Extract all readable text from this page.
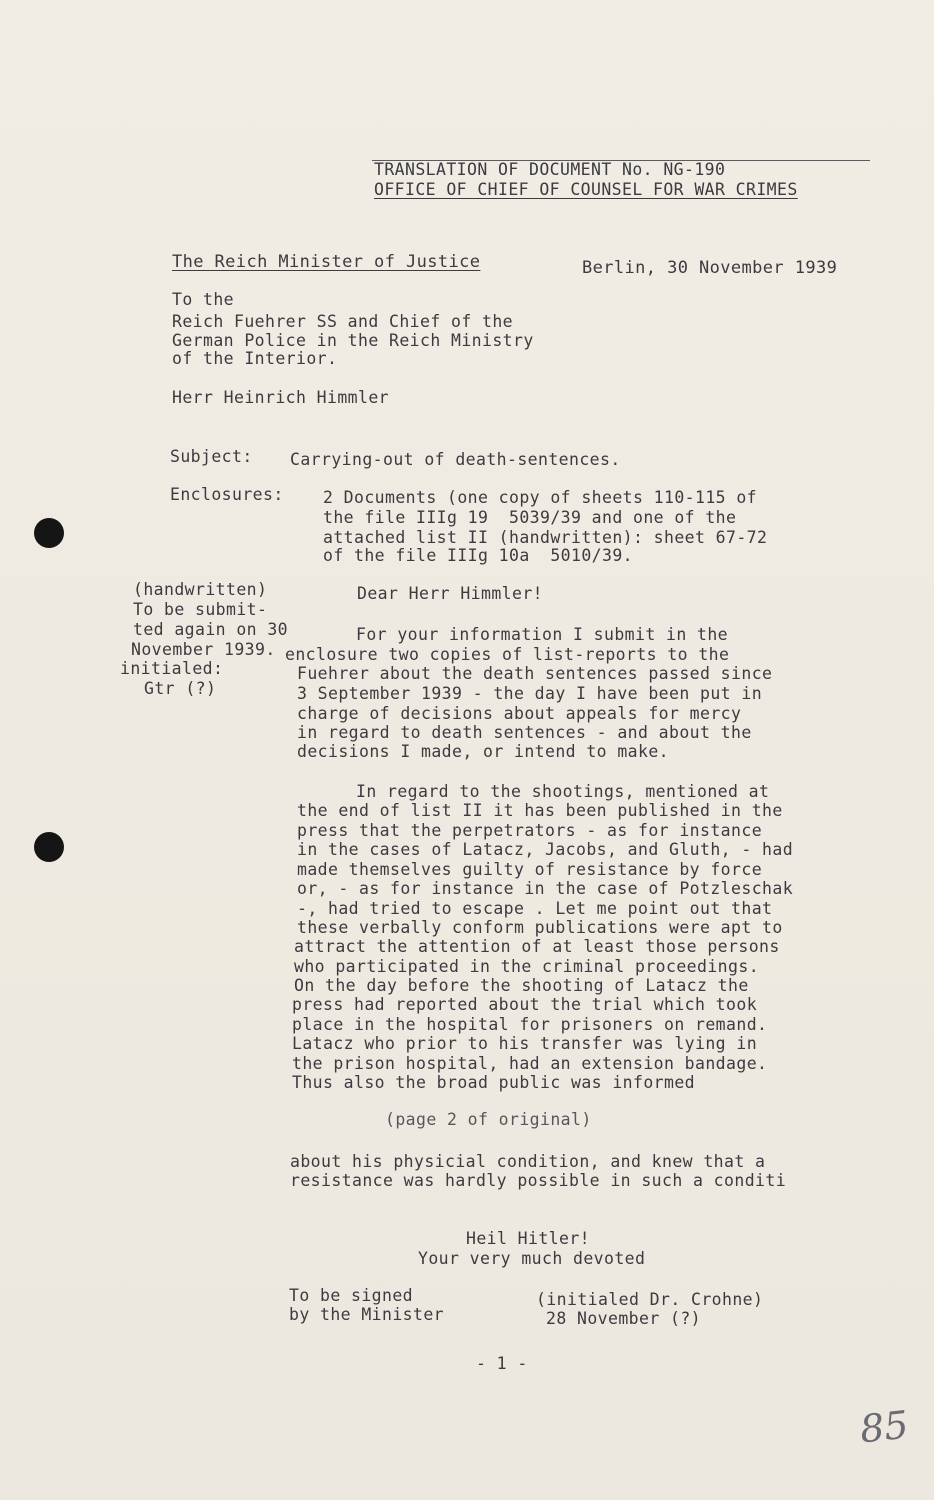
TRANSLATION OF DOCUMENT No. NG-190
OFFICE OF CHIEF OF COUNSEL FOR WAR CRIMES
The Reich Minister of Justice	Berlin, 30 November 1939
To the
Reich Fuehrer SS and Chief of the
German Police in the Reich Ministry
of the Interior.
Herr Heinrich Himmler
Subject: Carrying-out of death-sentences.
Enclosures: 2 Documents (one copy of sheets 110-115 of
the file IIIg 19  5039/39 and one of the
attached list II (handwritten): sheet 67-72
of the file IIIg 10a  5010/39.
(handwritten)
To be submit-
ted again on 30
November 1939.
initialed:
Gtr (?)
Dear Herr Himmler!
For your information I submit in the
enclosure two copies of list-reports to the
Fuehrer about the death sentences passed since
3 September 1939 - the day I have been put in
charge of decisions about appeals for mercy
in regard to death sentences - and about the
decisions I made, or intend to make.
In regard to the shootings, mentioned at
the end of list II it has been published in the
press that the perpetrators - as for instance
in the cases of Latacz, Jacobs, and Gluth, - had
made themselves guilty of resistance by force
or, - as for instance in the case of Potzleschak
-, had tried to escape . Let me point out that
these verbally conform publications were apt to
attract the attention of at least those persons
who participated in the criminal proceedings.
On the day before the shooting of Latacz the
press had reported about the trial which took
place in the hospital for prisoners on remand.
Latacz who prior to his transfer was lying in
the prison hospital, had an extension bandage.
Thus also the broad public was informed
(page 2 of original)
about his physicial condition, and knew that a
resistance was hardly possible in such a conditi
Heil Hitler!
Your very much devoted
To be signed
by the Minister
(initialed Dr. Crohne)
28 November (?)
- 1 -
85
